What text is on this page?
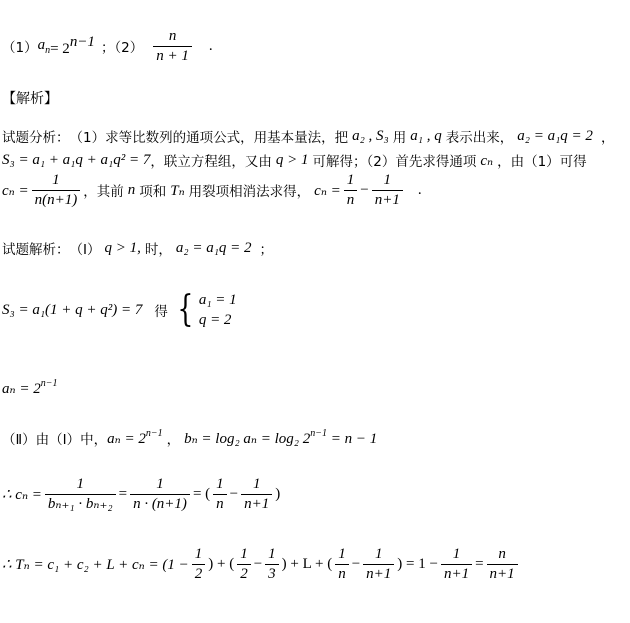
（1） $a_n = 2^{n-1}$ ；$(2) \frac{n}{n + 1}$ .
【解析】
试题分析： （1）求等比数列的通项公式，用基本量法，把 a₂ , S₃ 用 a₁ , q 表示出来， a₂ = a₁q = 2 ，
S₃ = a₁ + a₁q + a₁q² = 7 ，联立方程组，又由 q > 1 可解得；（2）首先求得通项 cₙ ，由（1）可得
$c_n = \frac{1}{n(n+1)}$ ，其前 n 项和 Tₙ 用裂项相消法求得， $c_n = \frac{1}{n} - \frac{1}{n+1}$ .
试题解析： （Ⅰ） q > 1, 时， a₂ = a₁q = 2 ；
S₃ = a₁(1 + q + q²) = 7 得 { a₁ = 1
q = 2
$a_n = 2^{n-1}$
（Ⅱ）由（Ⅰ）中， $a_n = 2^{n-1}$ ， bₙ = log₂ aₙ = log₂ $2^{n-1} = n - 1$
∴ $c_n = \frac{1}{\text{bₙ₊₁ · bₙ₊₂}} = \frac{1}{n \cdot (n+1)}$ = ( $\frac{1}{n} - \frac{1}{n+1}$ )
∴ $T_n = c_1 + c_2 + L + c_n = (1 - \frac{1}{2}$ ) + ( $\frac{1}{2} - \frac{1}{3}$ ) + L + ( $\frac{1}{n} - \frac{1}{n+1}$ ) = $1 - \frac{1}{n+1} = \frac{n}{n+1}$
